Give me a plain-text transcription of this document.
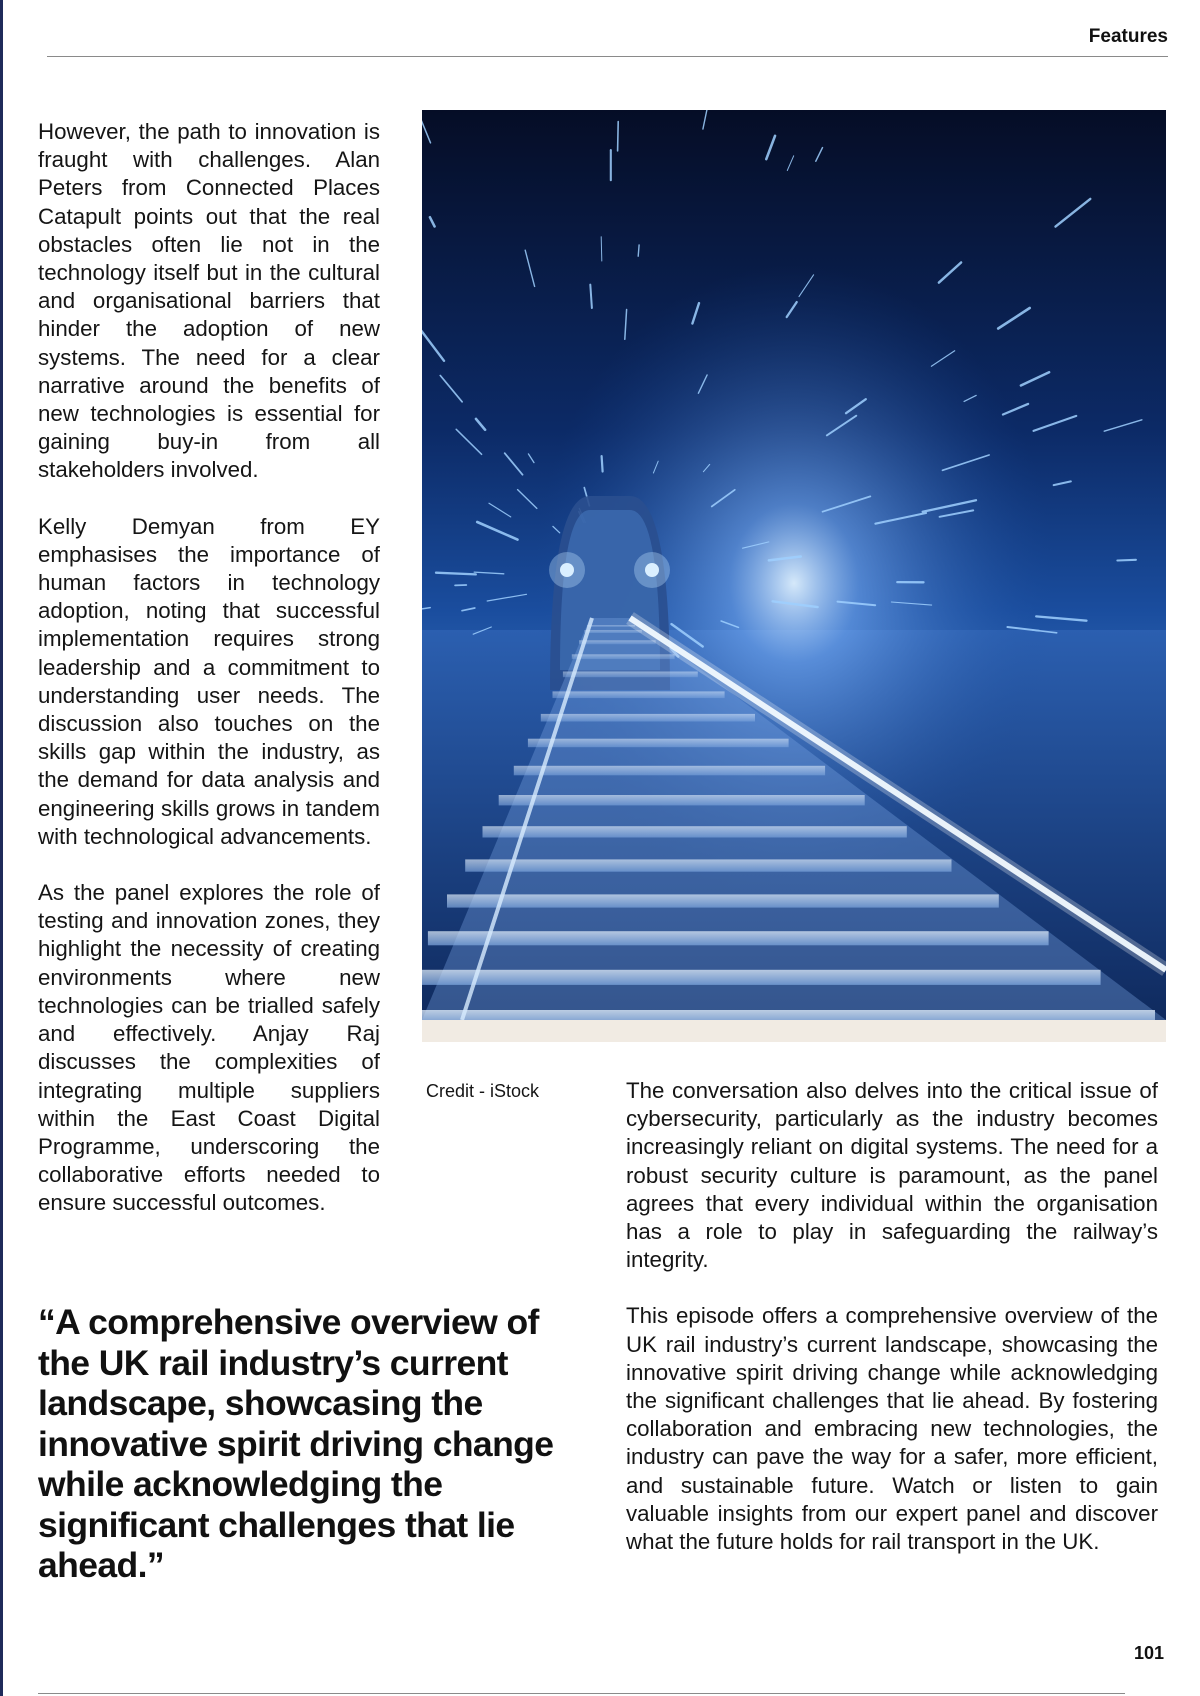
Features

However, the path to innovation is fraught with challenges. Alan Peters from Connected Places Catapult points out that the real obstacles often lie not in the technology itself but in the cultural and organisational barriers that hinder the adoption of new systems. The need for a clear narrative around the benefits of new technologies is essential for gaining buy-in from all stakeholders involved.

Kelly Demyan from EY emphasises the importance of human factors in technology adoption, noting that successful implementation requires strong leadership and a commitment to understanding user needs. The discussion also touches on the skills gap within the industry, as the demand for data analysis and engineering skills grows in tandem with technological advancements.

As the panel explores the role of testing and innovation zones, they highlight the necessity of creating environments where new technologies can be trialled safely and effectively. Anjay Raj discusses the complexities of integrating multiple suppliers within the East Coast Digital Programme, underscoring the collaborative efforts needed to ensure successful outcomes.

Credit - iStock

“A comprehensive overview of the UK rail industry’s current landscape, showcasing the innovative spirit driving change while acknowledging the significant challenges that lie ahead.”

The conversation also delves into the critical issue of cybersecurity, particularly as the industry becomes increasingly reliant on digital systems. The need for a robust security culture is paramount, as the panel agrees that every individual within the organisation has a role to play in safeguarding the railway’s integrity.

This episode offers a comprehensive overview of the UK rail industry’s current landscape, showcasing the innovative spirit driving change while acknowledging the significant challenges that lie ahead. By fostering collaboration and embracing new technologies, the industry can pave the way for a safer, more efficient, and sustainable future. Watch or listen to gain valuable insights from our expert panel and discover what the future holds for rail transport in the UK.

101
